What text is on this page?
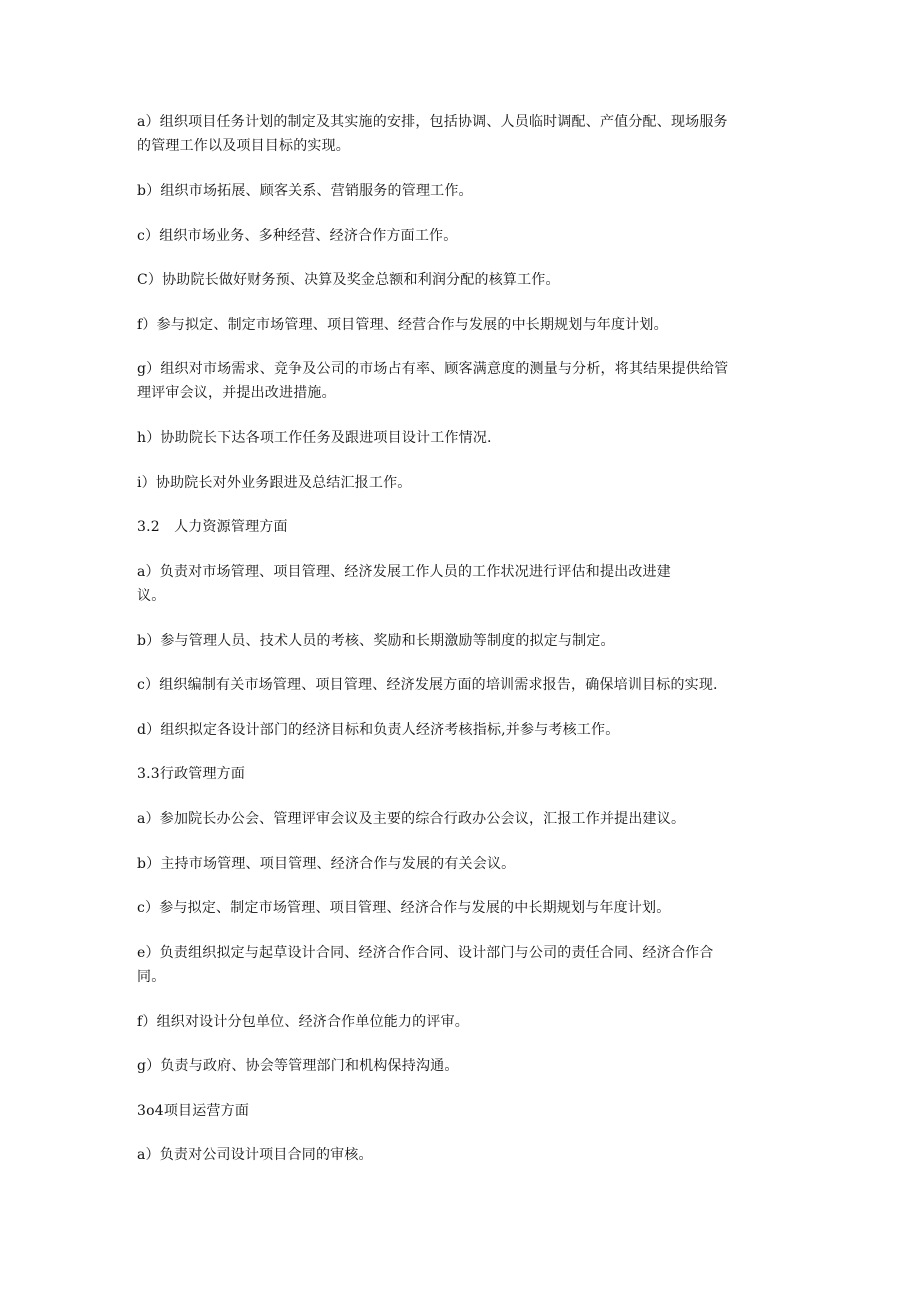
a）组织项目任务计划的制定及其实施的安排，包括协调、人员临时调配、产值分配、现场服务
的管理工作以及项目目标的实现。
b）组织市场拓展、顾客关系、营销服务的管理工作。
c）组织市场业务、多种经营、经济合作方面工作。
C）协助院长做好财务预、决算及奖金总额和利润分配的核算工作。
f）参与拟定、制定市场管理、项目管理、经营合作与发展的中长期规划与年度计划。
g）组织对市场需求、竞争及公司的市场占有率、顾客满意度的测量与分析，将其结果提供给管
理评审会议，并提出改进措施。
h）协助院长下达各项工作任务及跟进项目设计工作情况.
i）协助院长对外业务跟进及总结汇报工作。
3.2　人力资源管理方面
a）负责对市场管理、项目管理、经济发展工作人员的工作状况进行评估和提出改进建
议。
b）参与管理人员、技术人员的考核、奖励和长期激励等制度的拟定与制定。
c）组织编制有关市场管理、项目管理、经济发展方面的培训需求报告，确保培训目标的实现.
d）组织拟定各设计部门的经济目标和负责人经济考核指标,并参与考核工作。
3.3行政管理方面
a）参加院长办公会、管理评审会议及主要的综合行政办公会议，汇报工作并提出建议。
b）主持市场管理、项目管理、经济合作与发展的有关会议。
c）参与拟定、制定市场管理、项目管理、经济合作与发展的中长期规划与年度计划。
e）负责组织拟定与起草设计合同、经济合作合同、设计部门与公司的责任合同、经济合作合
同。
f）组织对设计分包单位、经济合作单位能力的评审。
g）负责与政府、协会等管理部门和机构保持沟通。
3o4项目运营方面
a）负责对公司设计项目合同的审核。
